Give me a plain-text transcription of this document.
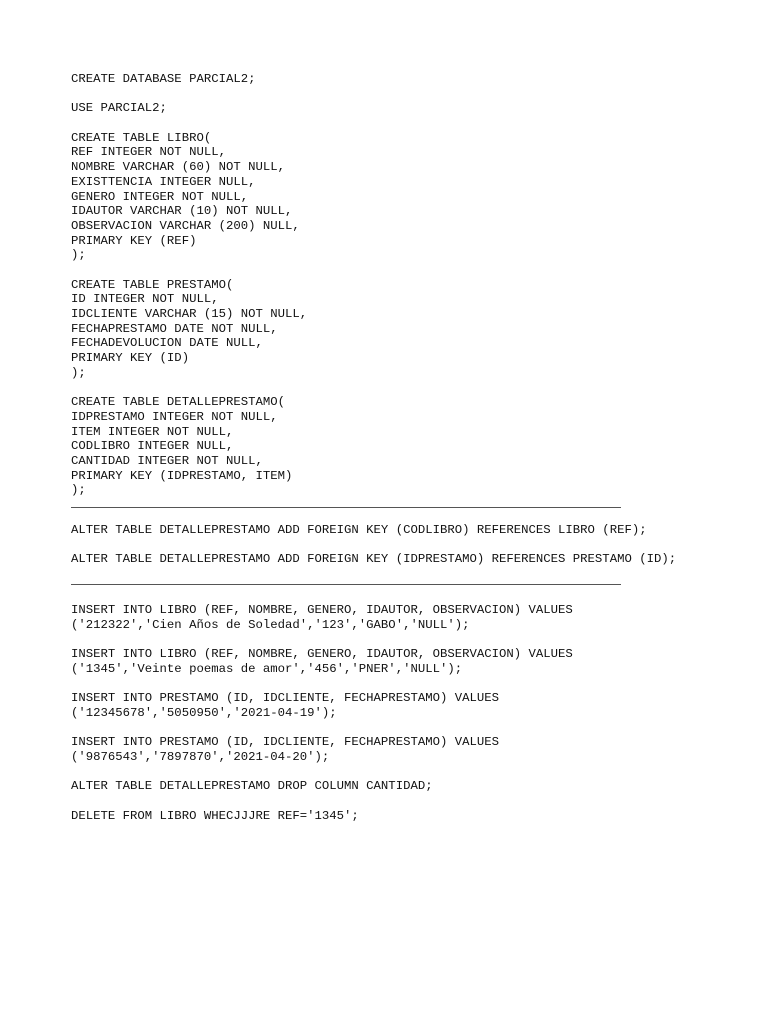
CREATE DATABASE PARCIAL2;
USE PARCIAL2;
CREATE TABLE LIBRO(
REF INTEGER NOT NULL,
NOMBRE VARCHAR (60) NOT NULL,
EXISTTENCIA INTEGER NULL,
GENERO INTEGER NOT NULL,
IDAUTOR VARCHAR (10) NOT NULL,
OBSERVACION VARCHAR (200) NULL,
PRIMARY KEY (REF)
);
CREATE TABLE PRESTAMO(
ID INTEGER NOT NULL,
IDCLIENTE VARCHAR (15) NOT NULL,
FECHAPRESTAMO DATE NOT NULL,
FECHADEVOLUCION DATE NULL,
PRIMARY KEY (ID)
);
CREATE TABLE DETALLEPRESTAMO(
IDPRESTAMO INTEGER NOT NULL,
ITEM INTEGER NOT NULL,
CODLIBRO INTEGER NULL,
CANTIDAD INTEGER NOT NULL,
PRIMARY KEY (IDPRESTAMO, ITEM)
);
ALTER TABLE DETALLEPRESTAMO ADD FOREIGN KEY (CODLIBRO) REFERENCES LIBRO (REF);
ALTER TABLE DETALLEPRESTAMO ADD FOREIGN KEY (IDPRESTAMO) REFERENCES PRESTAMO (ID);
INSERT INTO LIBRO (REF, NOMBRE, GENERO, IDAUTOR, OBSERVACION) VALUES
('212322','Cien Años de Soledad','123','GABO','NULL');
INSERT INTO LIBRO (REF, NOMBRE, GENERO, IDAUTOR, OBSERVACION) VALUES
('1345','Veinte poemas de amor','456','PNER','NULL');
INSERT INTO PRESTAMO (ID, IDCLIENTE, FECHAPRESTAMO) VALUES
('12345678','5050950','2021-04-19');
INSERT INTO PRESTAMO (ID, IDCLIENTE, FECHAPRESTAMO) VALUES
('9876543','7897870','2021-04-20');
ALTER TABLE DETALLEPRESTAMO DROP COLUMN CANTIDAD;
DELETE FROM LIBRO WHECJJJRE REF='1345';
